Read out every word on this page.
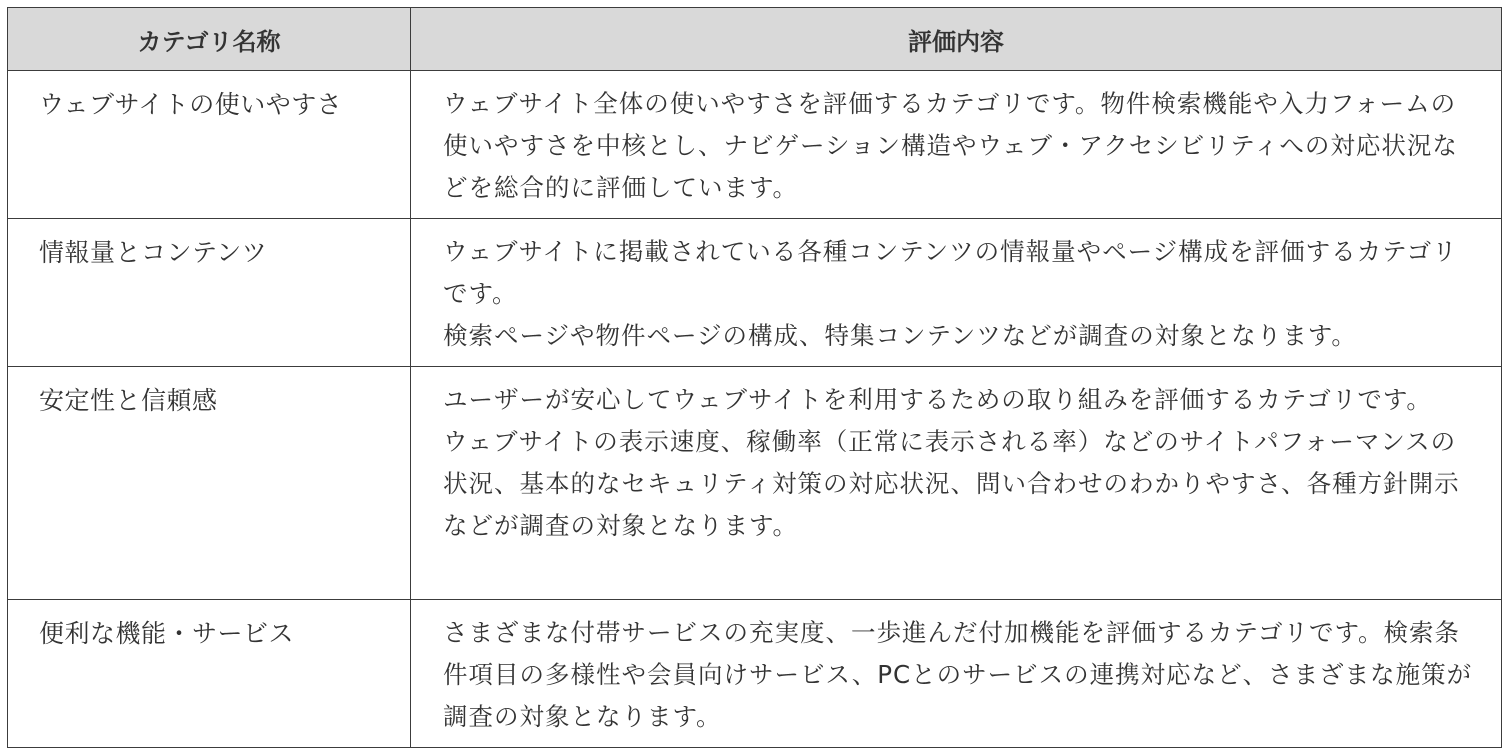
カテゴリ名称	評価内容
ウェブサイトの使いやすさ	ウェブサイト全体の使いやすさを評価するカテゴリです。物件検索機能や入力フォームの使いやすさを中核とし、ナビゲーション構造やウェブ・アクセシビリティへの対応状況などを総合的に評価しています。

情報量とコンテンツ	ウェブサイトに掲載されている各種コンテンツの情報量やページ構成を評価するカテゴリです。

検索ページや物件ページの構成、特集コンテンツなどが調査の対象となります。

安定性と信頼感	ユーザーが安心してウェブサイトを利用するための取り組みを評価するカテゴリです。

ウェブサイトの表示速度、稼働率（正常に表示される率）などのサイトパフォーマンスの状況、基本的なセキュリティ対策の対応状況、問い合わせのわかりやすさ、各種方針開示などが調査の対象となります。

便利な機能・サービス	さまざまな付帯サービスの充実度、一歩進んだ付加機能を評価するカテゴリです。検索条件項目の多様性や会員向けサービス、PCとのサービスの連携対応など、さまざまな施策が調査の対象となります。
